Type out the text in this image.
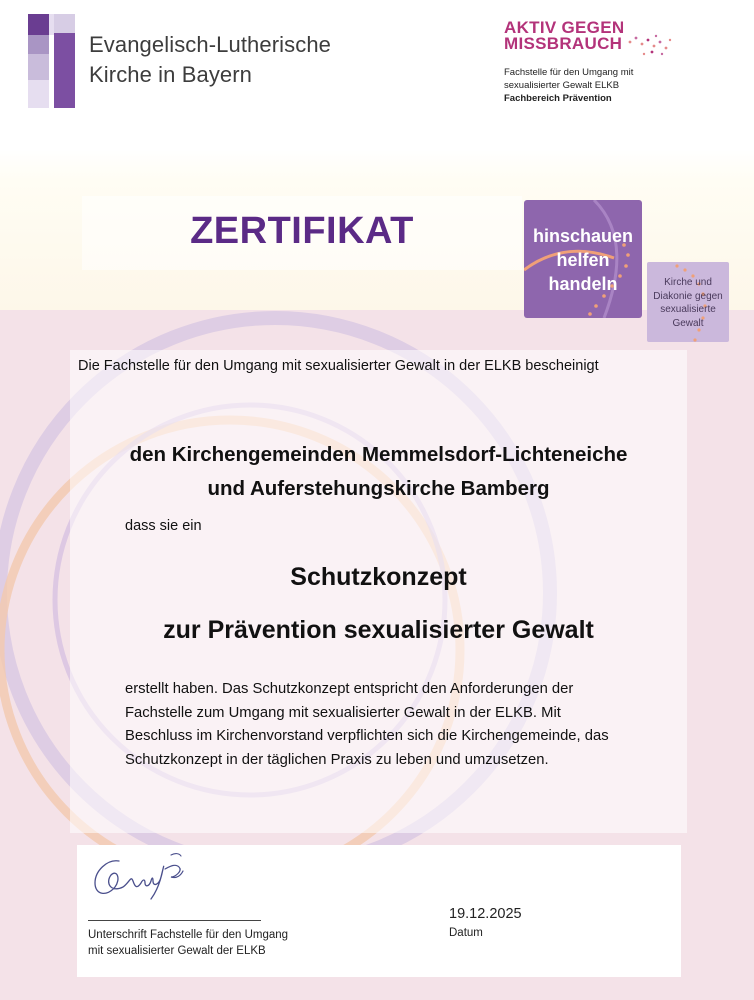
Evangelisch-Lutherische
Kirche in Bayern
AKTIV GEGEN
MISSBRAUCH
Fachstelle für den Umgang mit
sexualisierter Gewalt ELKB
Fachbereich Prävention
ZERTIFIKAT	hinschauen
helfen
handeln	Kirche und
Diakonie gegen
sexualisierte
Gewalt
Die Fachstelle für den Umgang mit sexualisierter Gewalt in der ELKB bescheinigt
den Kirchengemeinden Memmelsdorf-Lichteneiche
und Auferstehungskirche Bamberg
dass sie ein
Schutzkonzept
zur Prävention sexualisierter Gewalt
erstellt haben. Das Schutzkonzept entspricht den Anforderungen der
Fachstelle zum Umgang mit sexualisierter Gewalt in der ELKB. Mit
Beschluss im Kirchenvorstand verpflichten sich die Kirchengemeinde, das
Schutzkonzept in der täglichen Praxis zu leben und umzusetzen.
Unterschrift Fachstelle für den Umgang
mit sexualisierter Gewalt der ELKB
19.12.2025
Datum
